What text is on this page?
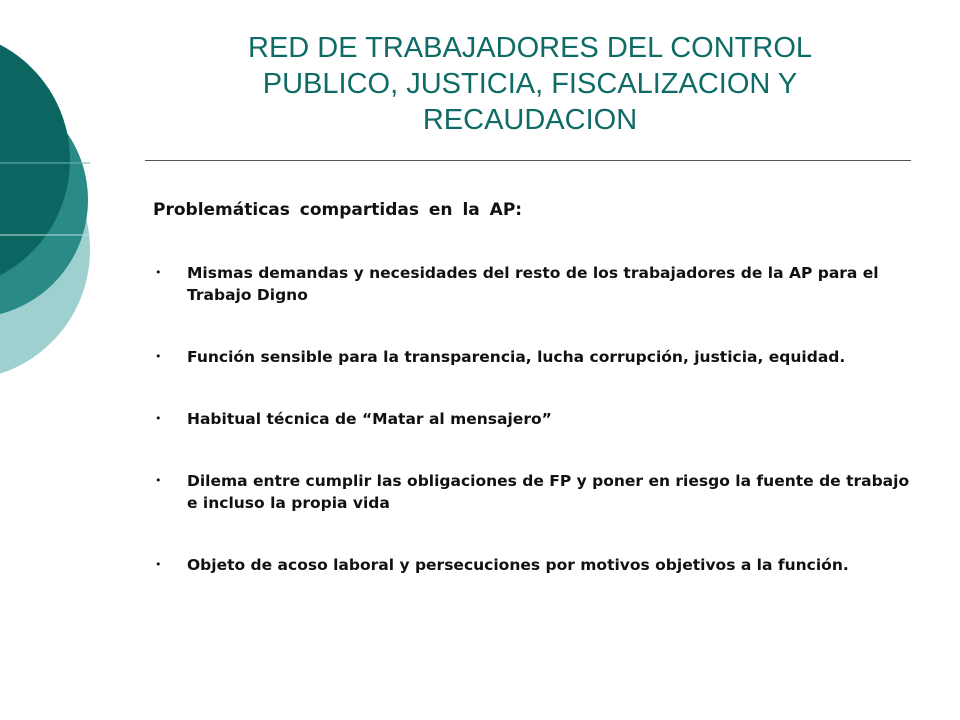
RED DE TRABAJADORES DEL CONTROL
PUBLICO, JUSTICIA, FISCALIZACION Y
RECAUDACION
Problemáticas compartidas en la AP:
• Mismas demandas y necesidades del resto de los trabajadores de la AP para el Trabajo Digno
• Función sensible para la transparencia, lucha corrupción, justicia, equidad.
• Habitual técnica de “Matar al mensajero”
• Dilema entre cumplir las obligaciones de FP y poner en riesgo la fuente de trabajo e incluso la propia vida
• Objeto de acoso laboral y persecuciones por motivos objetivos a la función.
